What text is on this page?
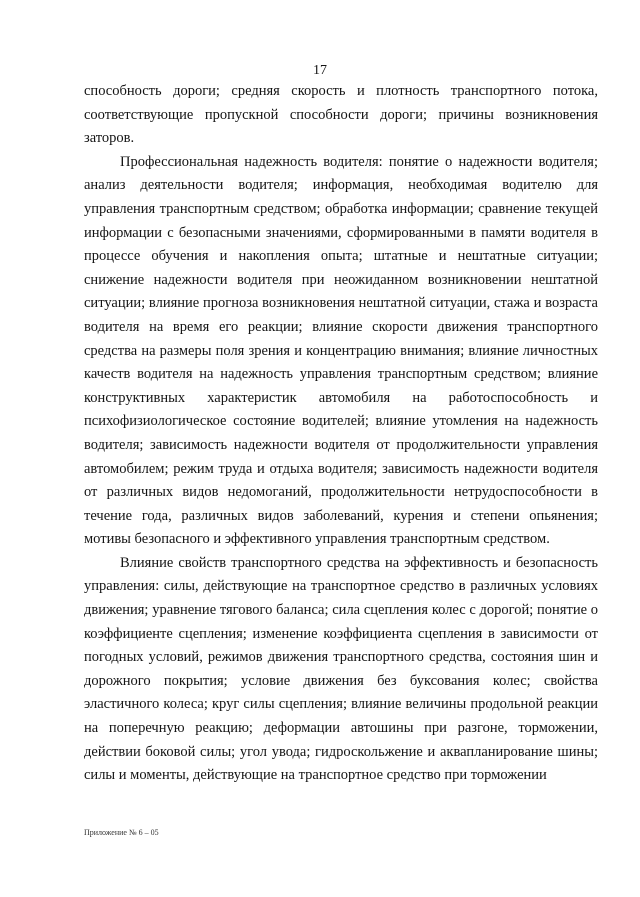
17

способность дороги; средняя скорость и плотность транспортного потока, соответствующие пропускной способности дороги; причины возникновения заторов.

Профессиональная надежность водителя: понятие о надежности водителя; анализ деятельности водителя; информация, необходимая водителю для управления транспортным средством; обработка информации; сравнение текущей информации с безопасными значениями, сформированными в памяти водителя в процессе обучения и накопления опыта; штатные и нештатные ситуации; снижение надежности водителя при неожиданном возникновении нештатной ситуации; влияние прогноза возникновения нештатной ситуации, стажа и возраста водителя на время его реакции; влияние скорости движения транспортного средства на размеры поля зрения и концентрацию внимания; влияние личностных качеств водителя на надежность управления транспортным средством; влияние конструктивных характеристик автомобиля на работоспособность и психофизиологическое состояние водителей; влияние утомления на надежность водителя; зависимость надежности водителя от продолжительности управления автомобилем; режим труда и отдыха водителя; зависимость надежности водителя от различных видов недомоганий, продолжительности нетрудоспособности в течение года, различных видов заболеваний, курения и степени опьянения; мотивы безопасного и эффективного управления транспортным средством.

Влияние свойств транспортного средства на эффективность и безопасность управления: силы, действующие на транспортное средство в различных условиях движения; уравнение тягового баланса; сила сцепления колес с дорогой; понятие о коэффициенте сцепления; изменение коэффициента сцепления в зависимости от погодных условий, режимов движения транспортного средства, состояния шин и дорожного покрытия; условие движения без буксования колес; свойства эластичного колеса; круг силы сцепления; влияние величины продольной реакции на поперечную реакцию; деформации автошины при разгоне, торможении, действии боковой силы; угол увода; гидроскольжение и аквапланирование шины; силы и моменты, действующие на транспортное средство при торможении

Приложение № 6 – 05
